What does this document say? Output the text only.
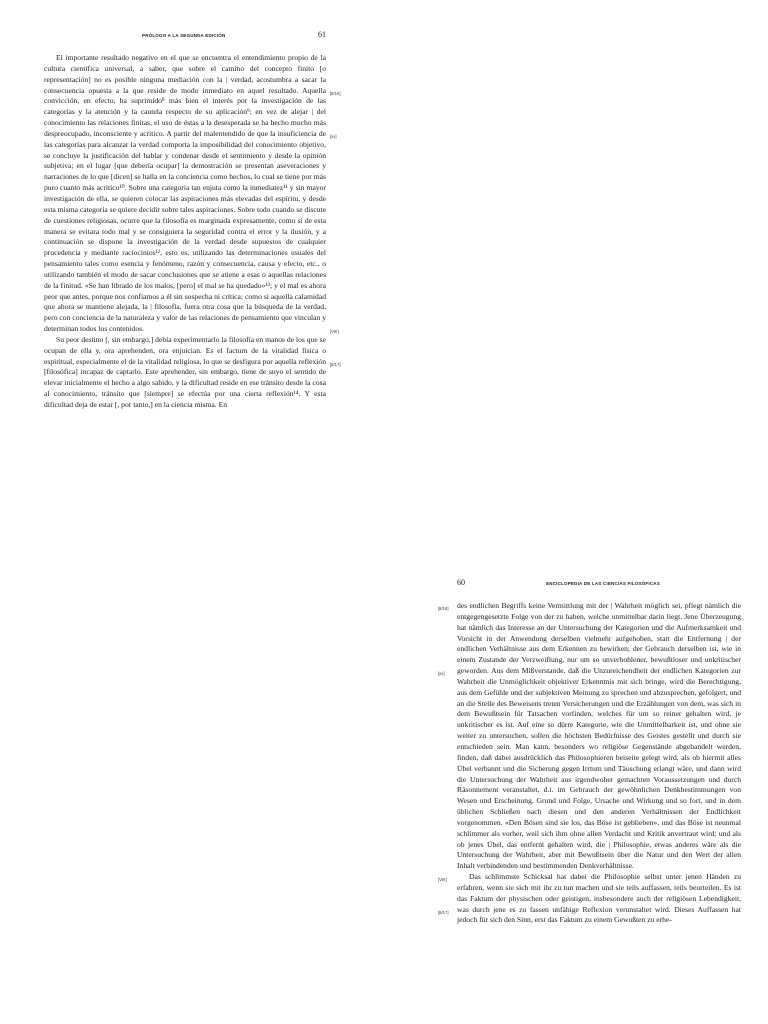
PRÓLOGO A LA SEGUNDA EDICIÓN	61

El importante resultado negativo en el que se encuentra el entendimiento propio de la cultura científica universal, a saber, que sobre el camino del concepto finito [o representación] no es posible ninguna mediación con la | verdad, acostumbra a sacar la consecuencia opuesta a la que reside de modo inmediato en aquel resultado. Aquella convicción, en efecto, ha suprimido⁸ más bien el interés por la investigación de las categorías y la atención y la cautela respecto de su aplicación⁹; en vez de alejar | del conocimiento las relaciones finitas, el uso de éstas a la desesperada se ha hecho mucho más despreocupado, inconsciente y acrítico. A partir del malentendido de que la insuficiencia de las categorías para alcanzar la verdad comporta la imposibilidad del conocimiento objetivo, se concluye la justificación del hablar y condenar desde el sentimiento y desde la opinión subjetiva; en el lugar [que debería ocupar] la demostración se presentan aseveraciones y narraciones de lo que [dicen] se halla en la conciencia como hechos, lo cual se tiene por más puro cuanto más acrítico¹⁰. Sobre una categoría tan enjuta como la inmediatez¹¹ y sin mayor investigación de ella, se quieren colocar las aspiraciones más elevadas del espíritu, y desde esta misma categoría se quiere decidir sobre tales aspiraciones. Sobre todo cuando se discute de cuestiones religiosas, ocurre que la filosofía es marginada expresamente, como si de esta manera se evitara todo mal y se consiguiera la seguridad contra el error y la ilusión, y a continuación se dispone la investigación de la verdad desde supuestos de cualquier procedencia y mediante raciocinios¹², esto es, utilizando las determinaciones usuales del pensamiento tales como esencia y fenómeno, razón y consecuencia, causa y efecto, etc., o utilizando también el modo de sacar conclusiones que se atiene a esas o aquellas relaciones de la finitud. «Se han librado de los malos, [pero] el mal se ha quedado»¹³; y el mal es ahora peor que antes, porque nos confiamos a él sin sospecha ni crítica; como si aquella calamidad que ahora se mantiene alejada, la | filosofía, fuera otra cosa que la búsqueda de la verdad, pero con conciencia de la naturaleza y valor de las relaciones de pensamiento que vinculan y determinan todos los contenidos.

Su peor destino [, sin embargo,] debía experimentarlo la filosofía en manos de los que se ocupan de ella y, ora aprehenden, ora enjuician. Es el factum de la vitalidad física o espiritual, especialmente el de la vitalidad religiosa, lo que se desfigura por aquella reflexión [filosófica] incapaz de captarlo. Este aprehender, sin embargo, tiene de suyo el sentido de elevar inicialmente el hecho a algo sabido, y la dificultad reside en ese tránsito desde la cosa al conocimiento, tránsito que [siempre] se efectúa por una cierta reflexión¹⁴. Y esta dificultad deja de estar [, por tanto,] en la ciencia misma. En

[8/16]
[xx]
[VIII]
[8/17]
60	ENCICLOPEDIA DE LAS CIENCIAS FILOSÓFICAS

des endlichen Begriffs keine Vermittlung mit der | Wahrheit möglich sei, pflegt nämlich die entgegengesetzte Folge von der zu haben, welche unmittelbar darin liegt. Jene Überzeugung hat nämlich das Interesse an der Untersuchung der Kategorien und die Aufmerksamkeit und Vorsicht in der Anwendung derselben vielmehr aufgehoben, statt die Entfernung | der endlichen Verhältnisse aus dem Erkennen zu bewirken; der Gebrauch derselben ist, wie in einem Zustande der Verzweiflung, nur um so unverhohlener, bewußtloser und unkritischer geworden. Aus dem Mißverstande, daß die Unzureichendheit der endlichen Kategorien zur Wahrheit die Unmöglichkeit objektiver Erkenntnis mit sich bringe, wird die Berechtigung, aus dem Gefühle und der subjektiven Meinung zu sprechen und abzusprechen, gefolgert, und an die Stelle des Beweisens treten Versicherungen und die Erzählungen von dem, was sich in dem Bewußtsein für Tatsachen vorfinden, welches für um so reiner gehalten wird, je unkritischer es ist. Auf eine so dürre Kategorie, wie die Unmittelbarkeit ist, und ohne sie weiter zu untersuchen, sollen die höchsten Bedürfnisse des Geistes gestellt und durch sie entschieden sein. Man kann, besonders wo religiöse Gegenstände abgehandelt werden, finden, daß dabei ausdrücklich das Philosophieren beiseite gelegt wird, als ob hiermit alles Übel verbannt und die Sicherung gegen Irrtum und Täuschung erlangt wäre, und dann wird die Untersuchung der Wahrheit aus irgendwoher gemachten Voraussetzungen und durch Räsonnement veranstaltet, d.i. im Gebrauch der gewöhnlichen Denkbestimmungen von Wesen und Erscheinung, Grund und Folge, Ursache und Wirkung und so fort, und in dem üblichen Schließen nach diesen und den anderen Verhältnissen der Endlichkeit vorgenommen. «Den Bösen sind sie los, das Böse ist geblieben», und das Böse ist neunmal schlimmer als vorher, weil sich ihm ohne allen Verdacht und Kritik anvertraut wird; und als ob jenes Übel, das entfernt gehalten wird, die | Philosophie, etwas anderes wäre als die Untersuchung der Wahrheit, aber mit Bewußtsein über die Natur und den Wert der allen Inhalt verbindenden und bestimmenden Denkverhältnisse.

Das schlimmste Schicksal hat dabei die Philosophie selbst unter jenen Händen zu erfahren, wenn sie sich mit ihr zu tun machen und sie teils auffassen, teils beurteilen. Es ist das Faktum der physischen oder geistigen, insbesondere auch der religiösen Lebendigkeit, was durch jene es zu fassen unfähige Reflexion verunstaltet wird. Dieses Auffassen hat jedoch für sich den Sinn, erst das Faktum zu einem Gewußten zu erhe-

[8/16]
[xx]
[VIII]
[8/17]
